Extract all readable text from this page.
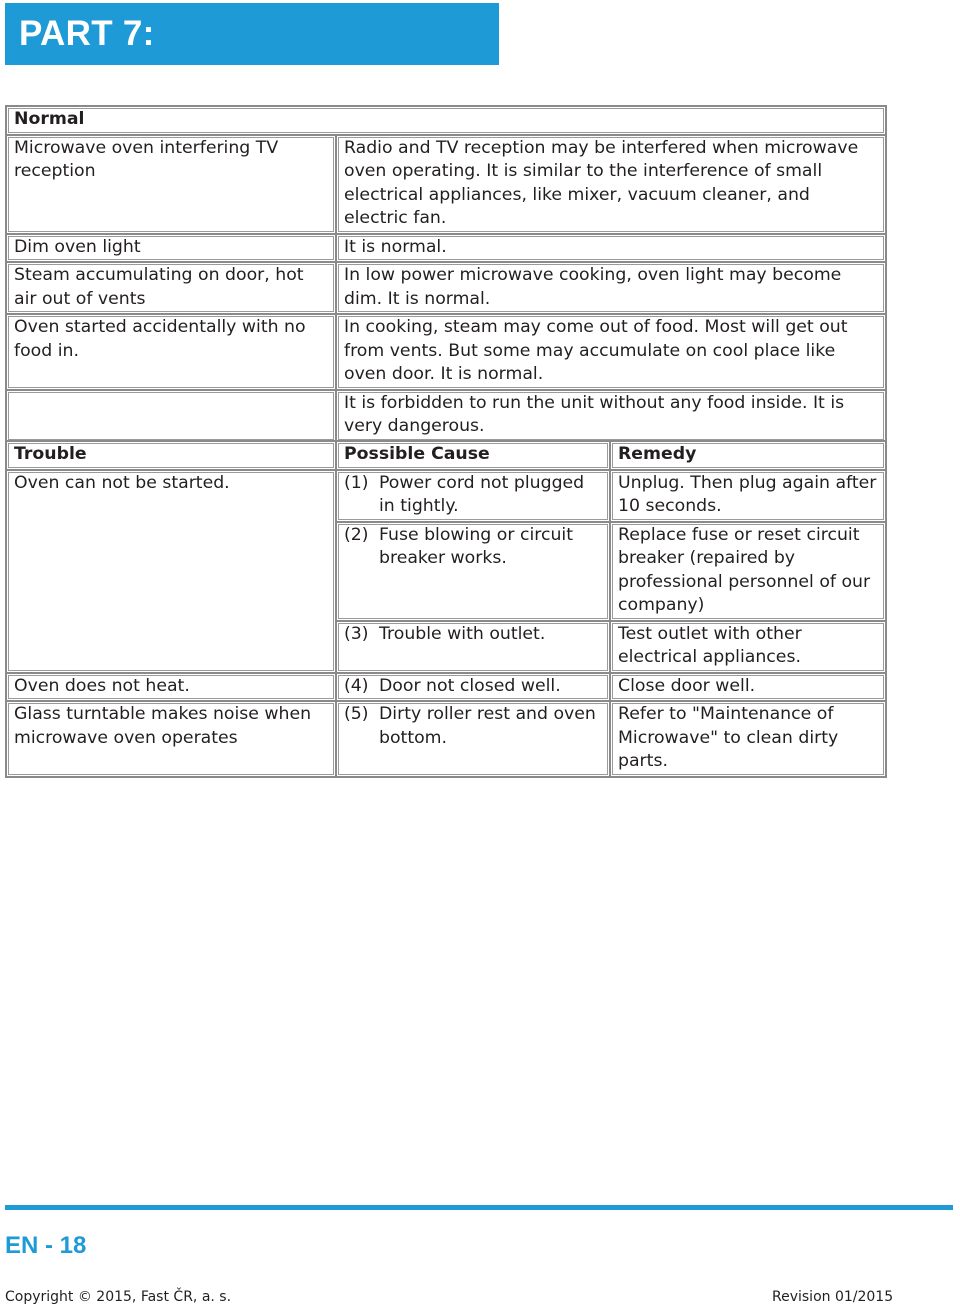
PART 7: TROUBLESHOOTING
Normal	
Microwave oven interfering TV reception	Radio and TV reception may be interfered when microwave oven operating. It is similar to the interference of small electrical appliances, like mixer, vacuum cleaner, and electric fan.
Dim oven light	It is normal.
Steam accumulating on door, hot air out of vents	In low power microwave cooking, oven light may become dim. It is normal.
Oven started accidentally with no food in.	In cooking, steam may come out of food. Most will get out from vents. But some may accumulate on cool place like oven door. It is normal.
	It is forbidden to run the unit without any food inside. It is very dangerous.
Trouble	Possible Cause	Remedy
Oven can not be started.	(1) Power cord not plugged in tightly.	Unplug. Then plug again after 10 seconds.

	(2) Fuse blowing or circuit breaker works.	Replace fuse or reset circuit breaker (repaired by professional personnel of our company)

	(3) Trouble with outlet.	Test outlet with other electrical appliances.
Oven does not heat.	(4) Door not closed well.	Close door well.
Glass turntable makes noise when microwave oven operates	(5) Dirty roller rest and oven bottom.	Refer to "Maintenance of Microwave" to clean dirty parts.
EN - 18
Copyright © 2015, Fast ČR, a. s.	Revision 01/2015
